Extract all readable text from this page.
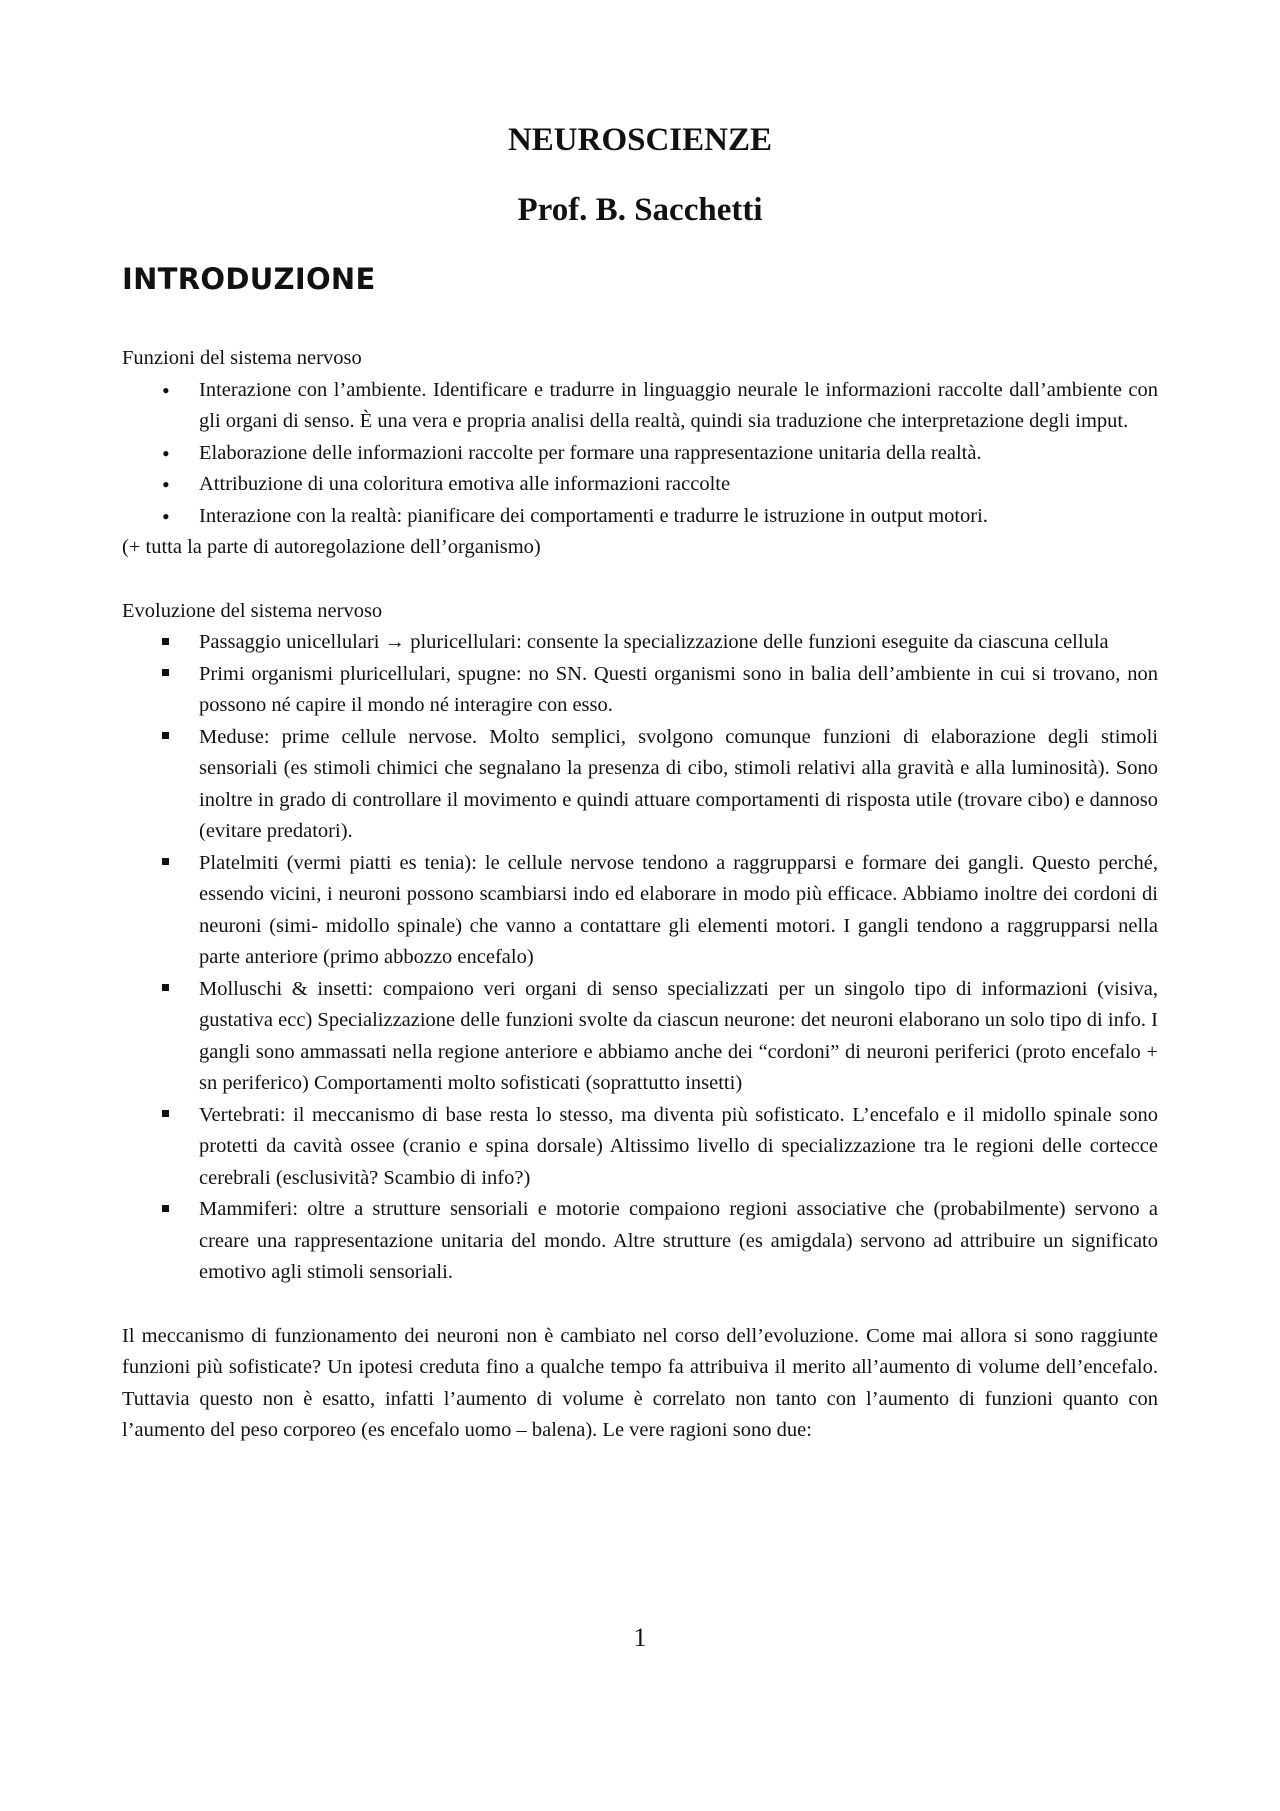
NEUROSCIENZE
Prof. B. Sacchetti
INTRODUZIONE

Funzioni del sistema nervoso

•
Interazione con l’ambiente. Identificare e tradurre in linguaggio neurale le informazioni raccolte dall’ambiente con gli organi di senso. È una vera e propria analisi della realtà, quindi sia traduzione che interpretazione degli imput.
•
Elaborazione delle informazioni raccolte per formare una rappresentazione unitaria della realtà.
•
Attribuzione di una coloritura emotiva alle informazioni raccolte
•
Interazione con la realtà: pianificare dei comportamenti e tradurre le istruzione in output motori.

(+ tutta la parte di autoregolazione dell’organismo)

Evoluzione del sistema nervoso

Passaggio unicellulari → pluricellulari: consente la specializzazione delle funzioni eseguite da ciascuna cellula
Primi organismi pluricellulari, spugne: no SN. Questi organismi sono in balia dell’ambiente in cui si trovano, non possono né capire il mondo né interagire con esso.
Meduse: prime cellule nervose. Molto semplici, svolgono comunque funzioni di elaborazione degli stimoli sensoriali (es stimoli chimici che segnalano la presenza di cibo, stimoli relativi alla gravità e alla luminosità). Sono inoltre in grado di controllare il movimento e quindi attuare comportamenti di risposta utile (trovare cibo) e dannoso (evitare predatori).
Platelmiti (vermi piatti es tenia): le cellule nervose tendono a raggrupparsi e formare dei gangli. Questo perché, essendo vicini, i neuroni possono scambiarsi indo ed elaborare in modo più efficace. Abbiamo inoltre dei cordoni di neuroni (simi- midollo spinale) che vanno a contattare gli elementi motori. I gangli tendono a raggrupparsi nella parte anteriore (primo abbozzo encefalo)
Molluschi & insetti: compaiono veri organi di senso specializzati per un singolo tipo di informazioni (visiva, gustativa ecc) Specializzazione delle funzioni svolte da ciascun neurone: det neuroni elaborano un solo tipo di info. I gangli sono ammassati nella regione anteriore e abbiamo anche dei “cordoni” di neuroni periferici (proto encefalo + sn periferico) Comportamenti molto sofisticati (soprattutto insetti)
Vertebrati: il meccanismo di base resta lo stesso, ma diventa più sofisticato. L’encefalo e il midollo spinale sono protetti da cavità ossee (cranio e spina dorsale) Altissimo livello di specializzazione tra le regioni delle cortecce cerebrali (esclusività? Scambio di info?)
Mammiferi: oltre a strutture sensoriali e motorie compaiono regioni associative che (probabilmente) servono a creare una rappresentazione unitaria del mondo. Altre strutture (es amigdala) servono ad attribuire un significato emotivo agli stimoli sensoriali.

Il meccanismo di funzionamento dei neuroni non è cambiato nel corso dell’evoluzione. Come mai allora si sono raggiunte funzioni più sofisticate? Un ipotesi creduta fino a qualche tempo fa attribuiva il merito all’aumento di volume dell’encefalo. Tuttavia questo non è esatto, infatti l’aumento di volume è correlato non tanto con l’aumento di funzioni quanto con l’aumento del peso corporeo (es encefalo uomo – balena). Le vere ragioni sono due:

1
